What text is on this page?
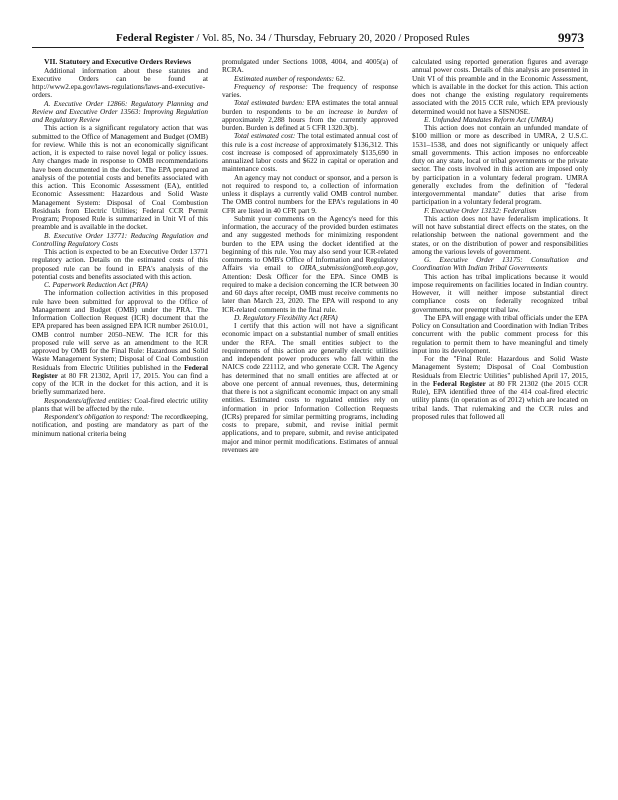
Federal Register / Vol. 85, No. 34 / Thursday, February 20, 2020 / Proposed Rules	9973

VII. Statutory and Executive Orders Reviews

Additional information about these statutes and Executive Orders can be found at http://www2.epa.gov/laws-regulations/laws-and-executive-orders.

A. Executive Order 12866: Regulatory Planning and Review and Executive Order 13563: Improving Regulation and Regulatory Review

This action is a significant regulatory action that was submitted to the Office of Management and Budget (OMB) for review. While this is not an economically significant action, it is expected to raise novel legal or policy issues. Any changes made in response to OMB recommendations have been documented in the docket. The EPA prepared an analysis of the potential costs and benefits associated with this action. This Economic Assessment (EA), entitled Economic Assessment: Hazardous and Solid Waste Management System: Disposal of Coal Combustion Residuals from Electric Utilities; Federal CCR Permit Program; Proposed Rule is summarized in Unit VI of this preamble and is available in the docket.

B. Executive Order 13771: Reducing Regulation and Controlling Regulatory Costs

This action is expected to be an Executive Order 13771 regulatory action. Details on the estimated costs of this proposed rule can be found in EPA's analysis of the potential costs and benefits associated with this action.

C. Paperwork Reduction Act (PRA)

The information collection activities in this proposed rule have been submitted for approval to the Office of Management and Budget (OMB) under the PRA. The Information Collection Request (ICR) document that the EPA prepared has been assigned EPA ICR number 2610.01, OMB control number 2050–NEW. The ICR for this proposed rule will serve as an amendment to the ICR approved by OMB for the Final Rule: Hazardous and Solid Waste Management System; Disposal of Coal Combustion Residuals from Electric Utilities published in the Federal Register at 80 FR 21302, April 17, 2015. You can find a copy of the ICR in the docket for this action, and it is briefly summarized here.

Respondents/affected entities: Coal-fired electric utility plants that will be affected by the rule.

Respondent's obligation to respond: The recordkeeping, notification, and posting are mandatory as part of the minimum national criteria being

promulgated under Sections 1008, 4004, and 4005(a) of RCRA.

Estimated number of respondents: 62.

Frequency of response: The frequency of response varies.

Total estimated burden: EPA estimates the total annual burden to respondents to be an increase in burden of approximately 2,288 hours from the currently approved burden. Burden is defined at 5 CFR 1320.3(b).

Total estimated cost: The total estimated annual cost of this rule is a cost increase of approximately $136,312. This cost increase is composed of approximately $135,690 in annualized labor costs and $622 in capital or operation and maintenance costs.

An agency may not conduct or sponsor, and a person is not required to respond to, a collection of information unless it displays a currently valid OMB control number. The OMB control numbers for the EPA's regulations in 40 CFR are listed in 40 CFR part 9.

Submit your comments on the Agency's need for this information, the accuracy of the provided burden estimates and any suggested methods for minimizing respondent burden to the EPA using the docket identified at the beginning of this rule. You may also send your ICR-related comments to OMB's Office of Information and Regulatory Affairs via email to OIRA_submission@omb.eop.gov, Attention: Desk Officer for the EPA. Since OMB is required to make a decision concerning the ICR between 30 and 60 days after receipt, OMB must receive comments no later than March 23, 2020. The EPA will respond to any ICR-related comments in the final rule.

D. Regulatory Flexibility Act (RFA)

I certify that this action will not have a significant economic impact on a substantial number of small entities under the RFA. The small entities subject to the requirements of this action are generally electric utilities and independent power producers who fall within the NAICS code 221112, and who generate CCR. The Agency has determined that no small entities are affected at or above one percent of annual revenues, thus, determining that there is not a significant economic impact on any small entities. Estimated costs to regulated entities rely on information in prior Information Collection Requests (ICRs) prepared for similar permitting programs, including costs to prepare, submit, and revise initial permit applications, and to prepare, submit, and revise anticipated major and minor permit modifications. Estimates of annual revenues are

calculated using reported generation figures and average annual power costs. Details of this analysis are presented in Unit VI of this preamble and in the Economic Assessment, which is available in the docket for this action. This action does not change the existing regulatory requirements associated with the 2015 CCR rule, which EPA previously determined would not have a SISNOSE.

E. Unfunded Mandates Reform Act (UMRA)

This action does not contain an unfunded mandate of $100 million or more as described in UMRA, 2 U.S.C. 1531–1538, and does not significantly or uniquely affect small governments. This action imposes no enforceable duty on any state, local or tribal governments or the private sector. The costs involved in this action are imposed only by participation in a voluntary federal program. UMRA generally excludes from the definition of "federal intergovernmental mandate" duties that arise from participation in a voluntary federal program.

F. Executive Order 13132: Federalism

This action does not have federalism implications. It will not have substantial direct effects on the states, on the relationship between the national government and the states, or on the distribution of power and responsibilities among the various levels of government.

G. Executive Order 13175: Consultation and Coordination With Indian Tribal Governments

This action has tribal implications because it would impose requirements on facilities located in Indian country. However, it will neither impose substantial direct compliance costs on federally recognized tribal governments, nor preempt tribal law.

The EPA will engage with tribal officials under the EPA Policy on Consultation and Coordination with Indian Tribes concurrent with the public comment process for this regulation to permit them to have meaningful and timely input into its development.

For the "Final Rule: Hazardous and Solid Waste Management System; Disposal of Coal Combustion Residuals from Electric Utilities" published April 17, 2015, in the Federal Register at 80 FR 21302 (the 2015 CCR Rule), EPA identified three of the 414 coal-fired electric utility plants (in operation as of 2012) which are located on tribal lands. That rulemaking and the CCR rules and proposed rules that followed all
